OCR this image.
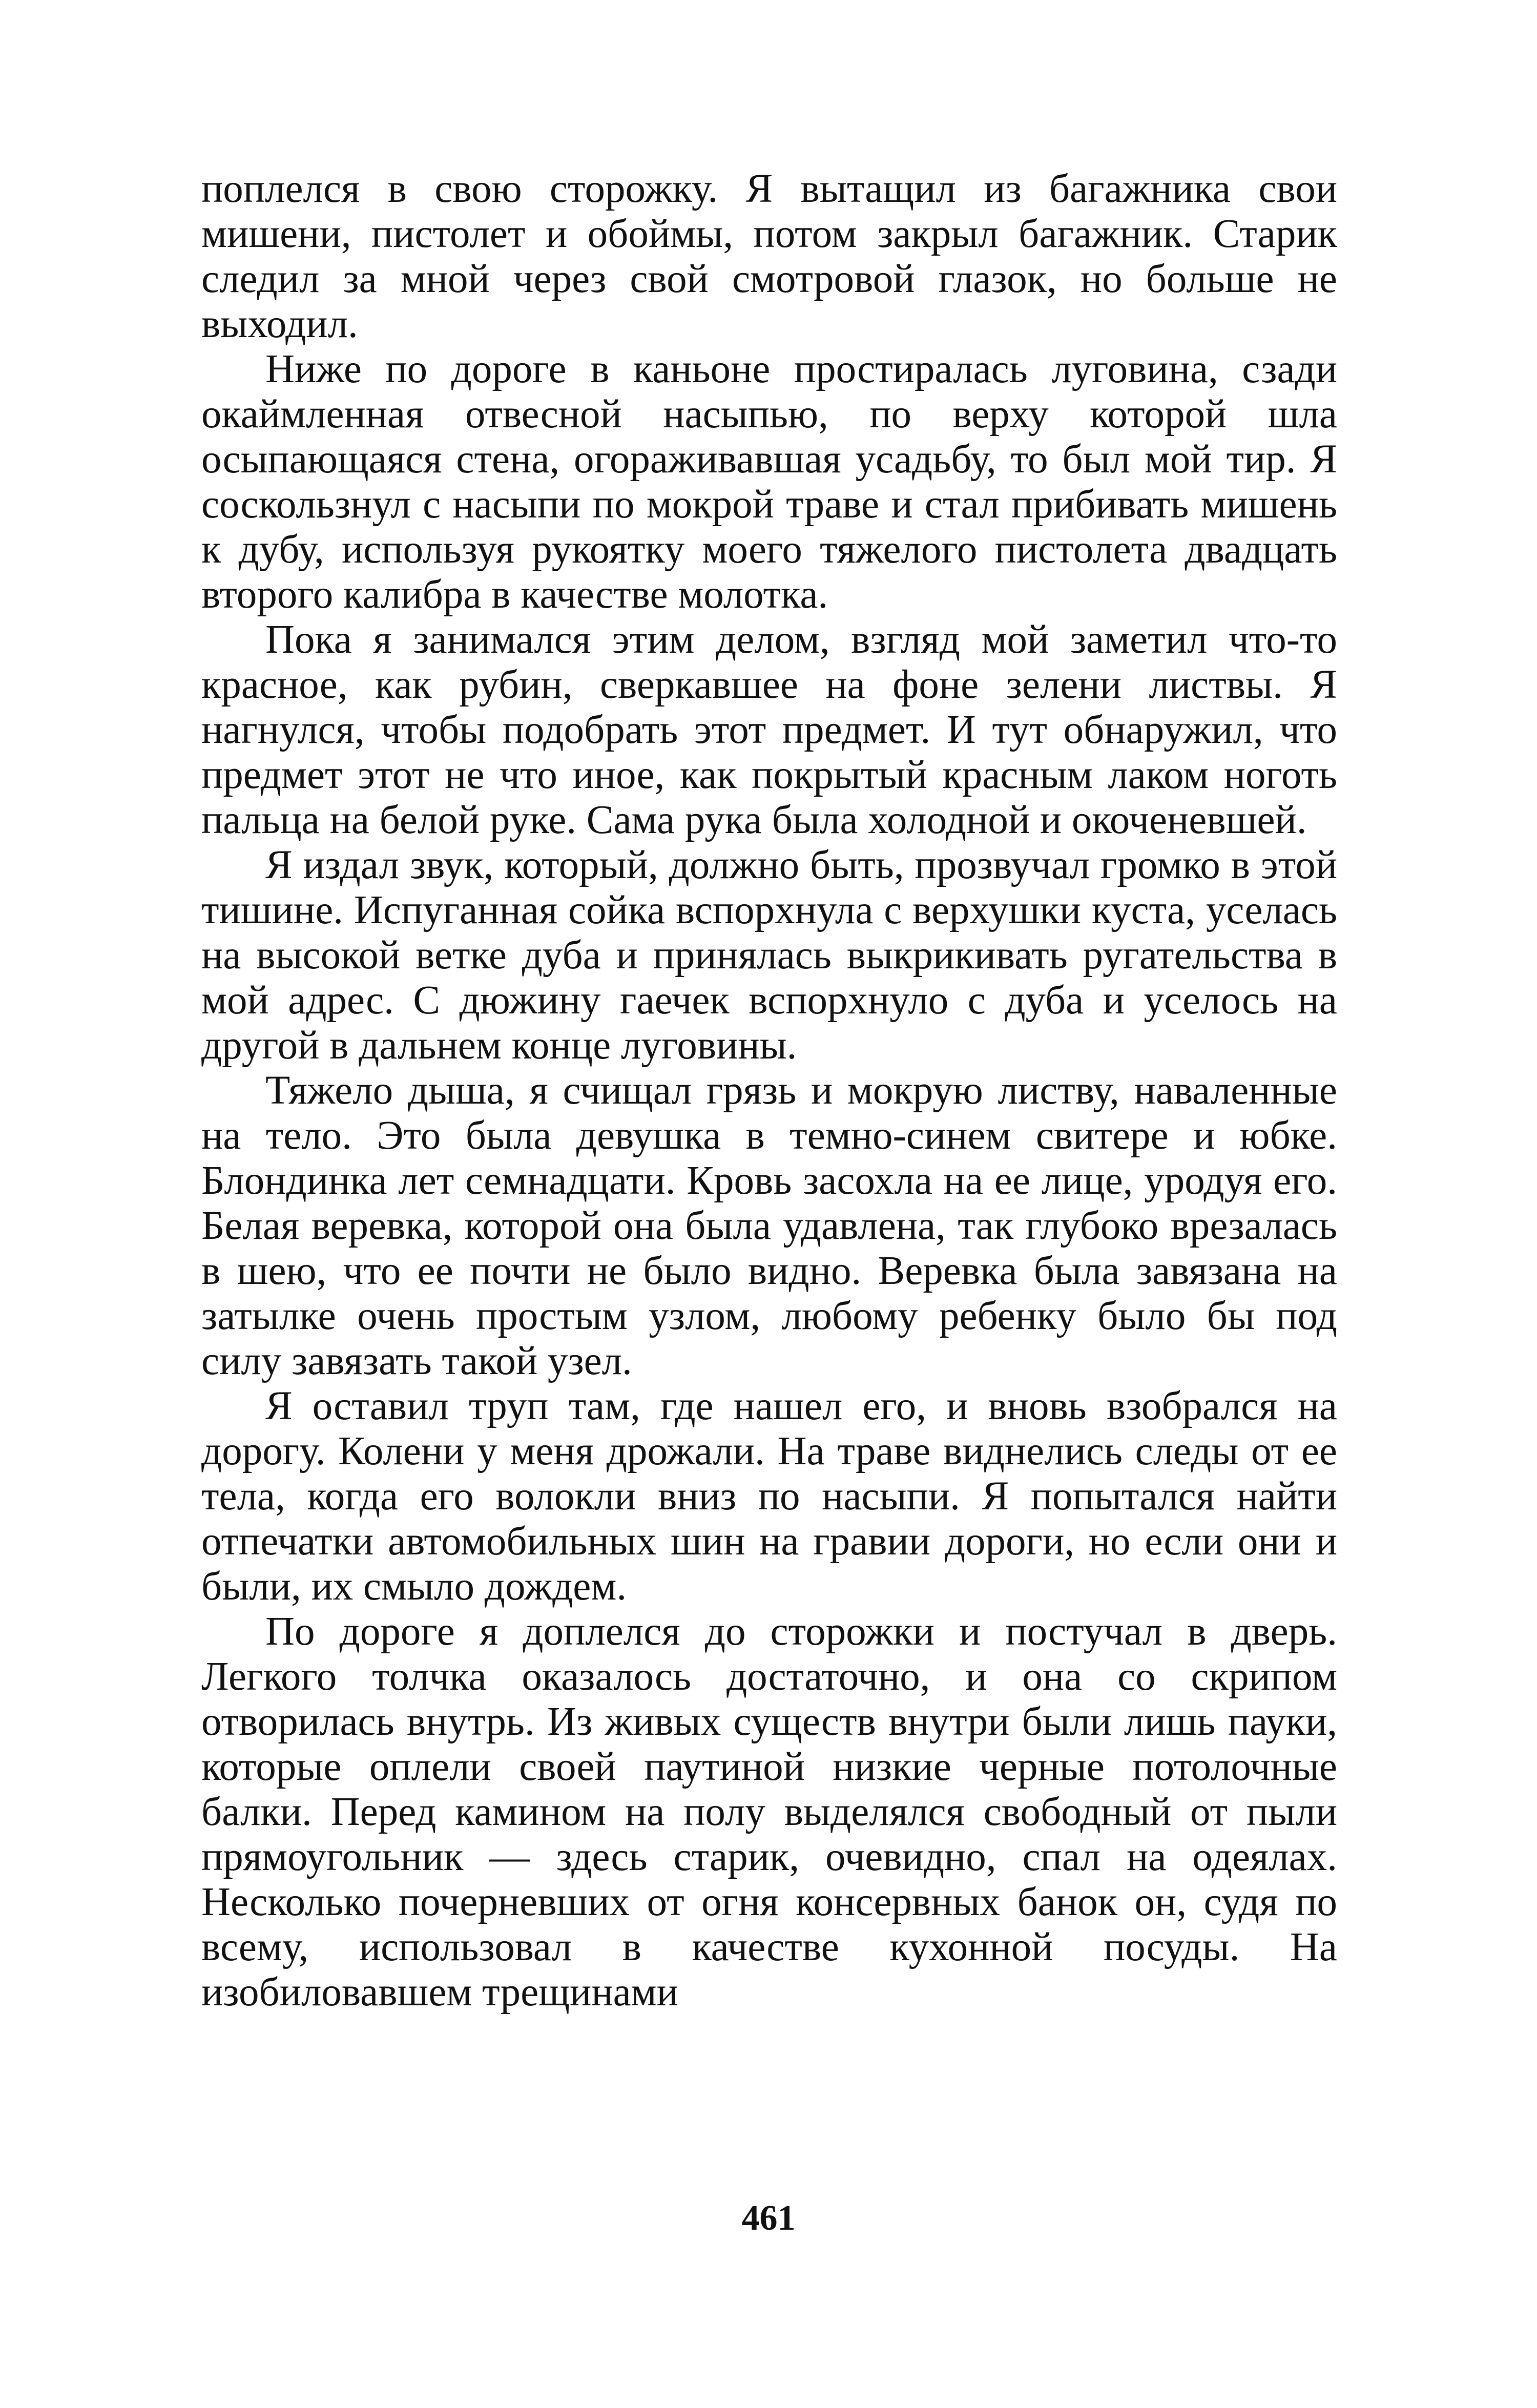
поплелся в свою сторожку. Я вытащил из багажника свои мишени, пистолет и обоймы, потом закрыл багажник. Старик следил за мной через свой смотровой глазок, но больше не выходил.

Ниже по дороге в каньоне простиралась луговина, сзади окаймленная отвесной насыпью, по верху которой шла осыпающаяся стена, огораживавшая усадьбу, то был мой тир. Я соскользнул с насыпи по мокрой траве и стал прибивать мишень к дубу, используя рукоятку моего тяжелого пистолета двадцать второго калибра в качестве молотка.

Пока я занимался этим делом, взгляд мой заметил что-то красное, как рубин, сверкавшее на фоне зелени листвы. Я нагнулся, чтобы подобрать этот предмет. И тут обнаружил, что предмет этот не что иное, как покрытый красным лаком ноготь пальца на белой руке. Сама рука была холодной и окоченевшей.

Я издал звук, который, должно быть, прозвучал громко в этой тишине. Испуганная сойка вспорхнула с верхушки куста, уселась на высокой ветке дуба и принялась выкрикивать ругательства в мой адрес. С дюжину гаечек вспорхнуло с дуба и уселось на другой в дальнем конце луговины.

Тяжело дыша, я счищал грязь и мокрую листву, наваленные на тело. Это была девушка в темно-синем свитере и юбке. Блондинка лет семнадцати. Кровь засохла на ее лице, уродуя его. Белая веревка, которой она была удавлена, так глубоко врезалась в шею, что ее почти не было видно. Веревка была завязана на затылке очень простым узлом, любому ребенку было бы под силу завязать такой узел.

Я оставил труп там, где нашел его, и вновь взобрался на дорогу. Колени у меня дрожали. На траве виднелись следы от ее тела, когда его волокли вниз по насыпи. Я попытался найти отпечатки автомобильных шин на гравии дороги, но если они и были, их смыло дождем.

По дороге я доплелся до сторожки и постучал в дверь. Легкого толчка оказалось достаточно, и она со скрипом отворилась внутрь. Из живых существ внутри были лишь пауки, которые оплели своей паутиной низкие черные потолочные балки. Перед камином на полу выделялся свободный от пыли прямоугольник — здесь старик, очевидно, спал на одеялах. Несколько почерневших от огня консервных банок он, судя по всему, использовал в качестве кухонной посуды. На изобиловавшем трещинами

461
